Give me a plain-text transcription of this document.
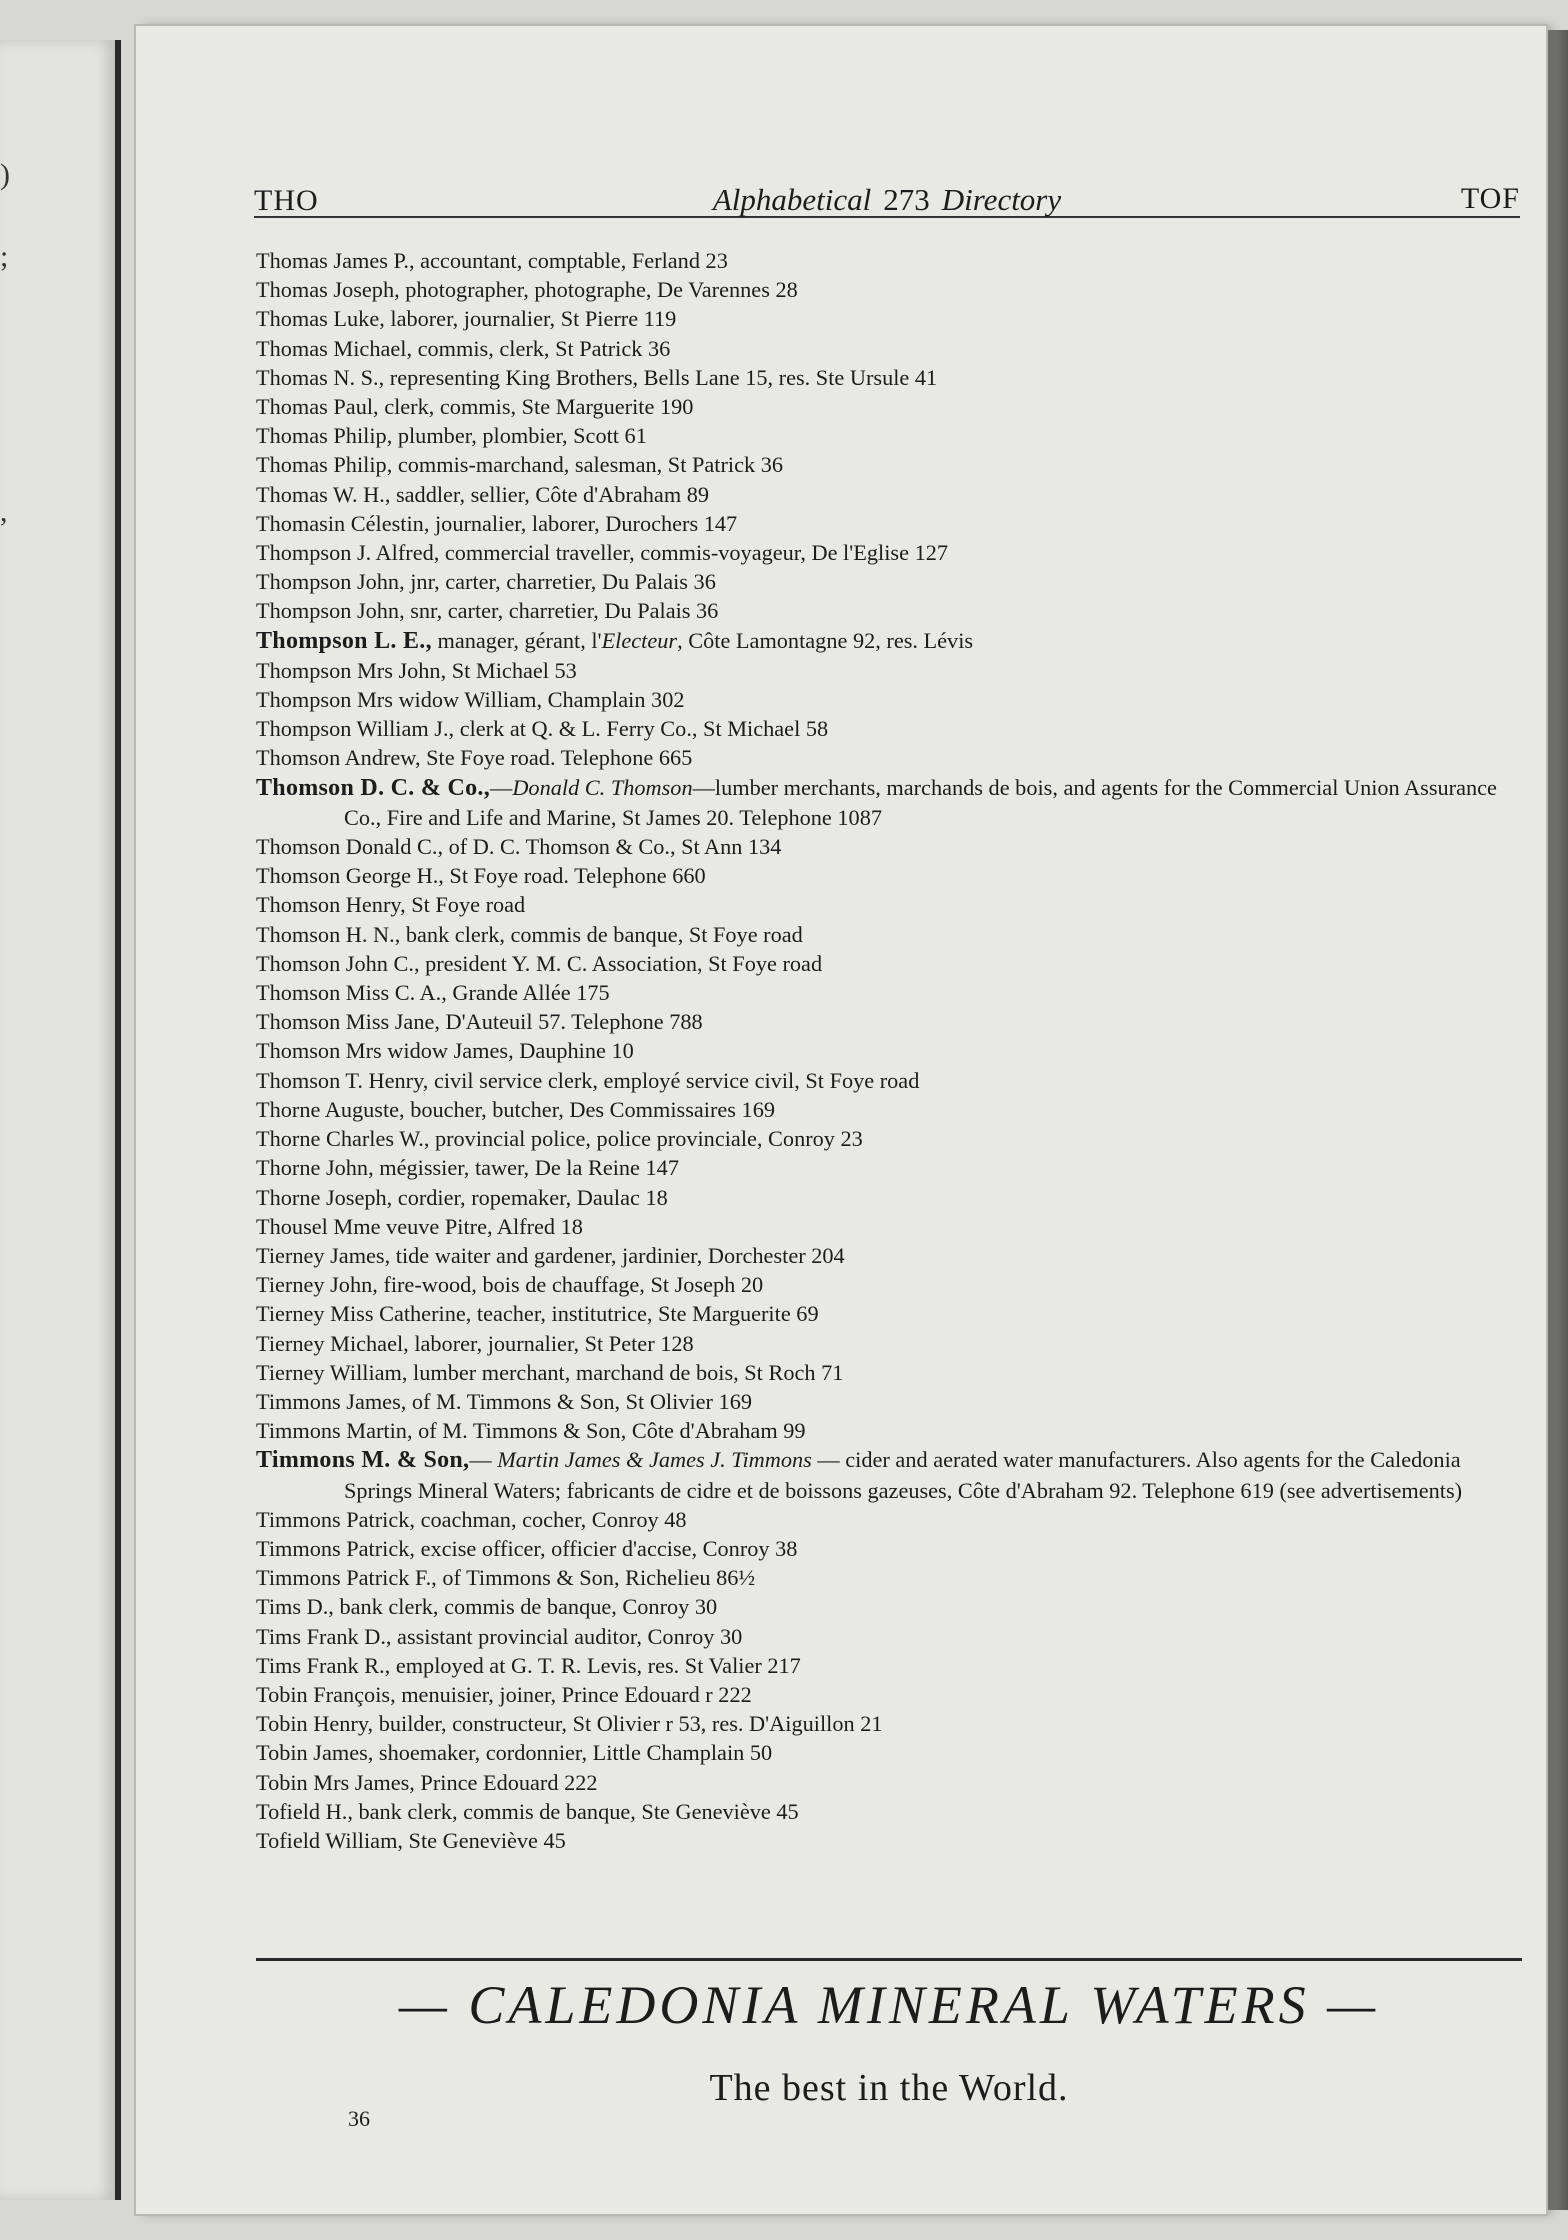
)
;
,
THO	Alphabetical 273 Directory	TOF
Thomas James P., accountant, comptable, Ferland 23
Thomas Joseph, photographer, photographe, De Varennes 28
Thomas Luke, laborer, journalier, St Pierre 119
Thomas Michael, commis, clerk, St Patrick 36
Thomas N. S., representing King Brothers, Bells Lane 15, res. Ste Ursule 41
Thomas Paul, clerk, commis, Ste Marguerite 190
Thomas Philip, plumber, plombier, Scott 61
Thomas Philip, commis-marchand, salesman, St Patrick 36
Thomas W. H., saddler, sellier, Côte d'Abraham 89
Thomasin Célestin, journalier, laborer, Durochers 147
Thompson J. Alfred, commercial traveller, commis-voyageur, De l'Eglise 127
Thompson John, jnr, carter, charretier, Du Palais 36
Thompson John, snr, carter, charretier, Du Palais 36
Thompson L. E., manager, gérant, l'Electeur, Côte Lamontagne 92, res. Lévis
Thompson Mrs John, St Michael 53
Thompson Mrs widow William, Champlain 302
Thompson William J., clerk at Q. & L. Ferry Co., St Michael 58
Thomson Andrew, Ste Foye road. Telephone 665
Thomson D. C. & Co.,—Donald C. Thomson—lumber merchants, marchands de bois, and agents for the Commercial Union Assurance Co., Fire and Life and Marine, St James 20. Telephone 1087
Thomson Donald C., of D. C. Thomson & Co., St Ann 134
Thomson George H., St Foye road. Telephone 660
Thomson Henry, St Foye road
Thomson H. N., bank clerk, commis de banque, St Foye road
Thomson John C., president Y. M. C. Association, St Foye road
Thomson Miss C. A., Grande Allée 175
Thomson Miss Jane, D'Auteuil 57. Telephone 788
Thomson Mrs widow James, Dauphine 10
Thomson T. Henry, civil service clerk, employé service civil, St Foye road
Thorne Auguste, boucher, butcher, Des Commissaires 169
Thorne Charles W., provincial police, police provinciale, Conroy 23
Thorne John, mégissier, tawer, De la Reine 147
Thorne Joseph, cordier, ropemaker, Daulac 18
Thousel Mme veuve Pitre, Alfred 18
Tierney James, tide waiter and gardener, jardinier, Dorchester 204
Tierney John, fire-wood, bois de chauffage, St Joseph 20
Tierney Miss Catherine, teacher, institutrice, Ste Marguerite 69
Tierney Michael, laborer, journalier, St Peter 128
Tierney William, lumber merchant, marchand de bois, St Roch 71
Timmons James, of M. Timmons & Son, St Olivier 169
Timmons Martin, of M. Timmons & Son, Côte d'Abraham 99
Timmons M. & Son,— Martin James & James J. Timmons — cider and aerated water manufacturers. Also agents for the Caledonia Springs Mineral Waters; fabricants de cidre et de boissons gazeuses, Côte d'Abraham 92. Telephone 619 (see advertisements)
Timmons Patrick, coachman, cocher, Conroy 48
Timmons Patrick, excise officer, officier d'accise, Conroy 38
Timmons Patrick F., of Timmons & Son, Richelieu 86½
Tims D., bank clerk, commis de banque, Conroy 30
Tims Frank D., assistant provincial auditor, Conroy 30
Tims Frank R., employed at G. T. R. Levis, res. St Valier 217
Tobin François, menuisier, joiner, Prince Edouard r 222
Tobin Henry, builder, constructeur, St Olivier r 53, res. D'Aiguillon 21
Tobin James, shoemaker, cordonnier, Little Champlain 50
Tobin Mrs James, Prince Edouard 222
Tofield H., bank clerk, commis de banque, Ste Geneviève 45
Tofield William, Ste Geneviève 45
— CALEDONIA MINERAL WATERS —
The best in the World.
36
